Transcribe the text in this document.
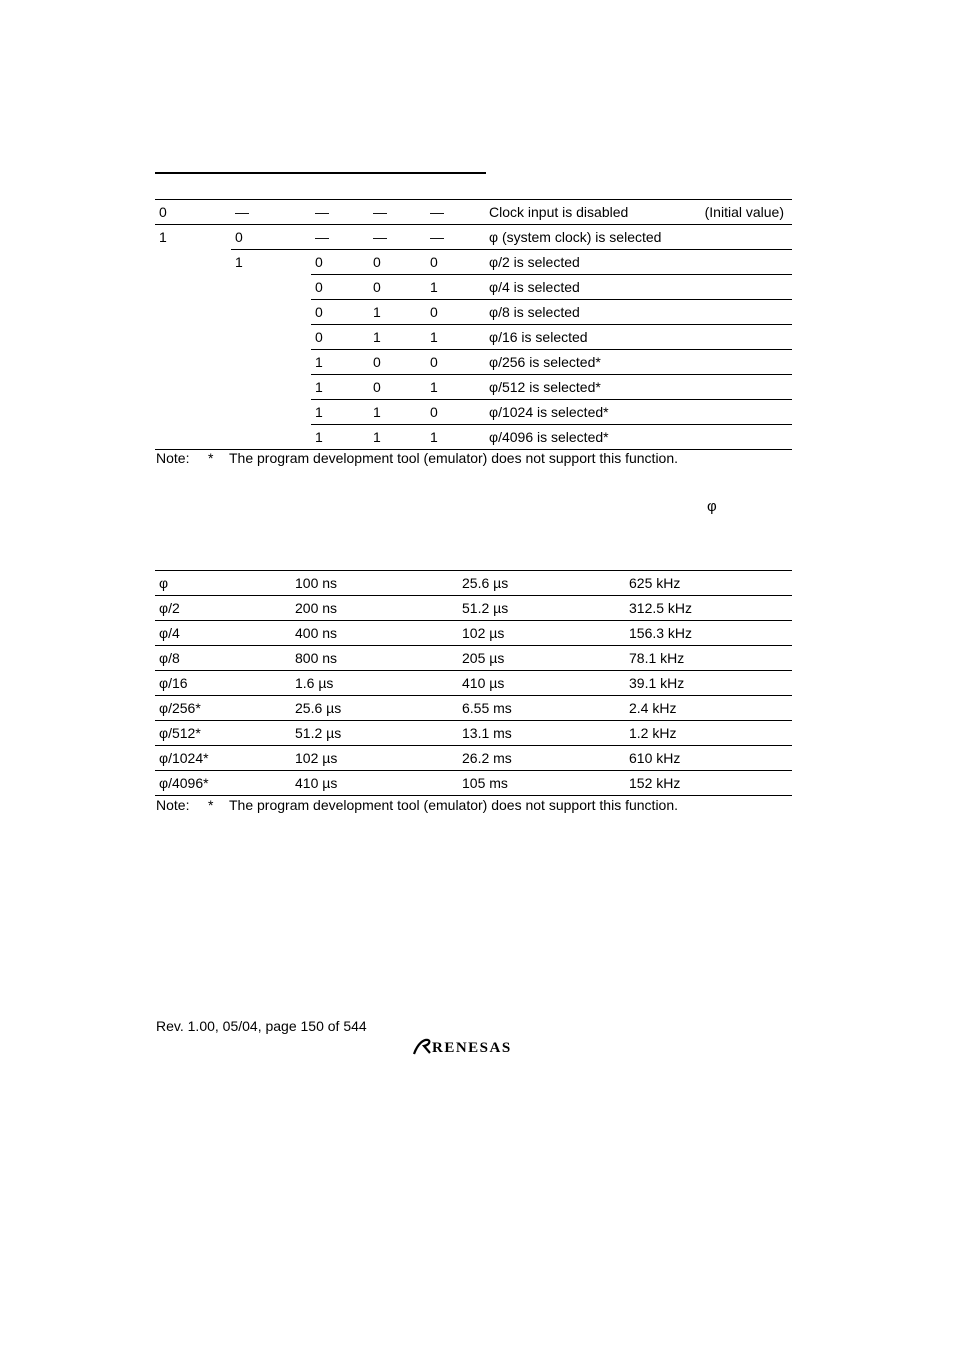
0	—	—	—	—	Clock input is disabled (Initial value)

1	0	—	—	—	φ (system clock) is selected
	1	0	0	0	φ/2 is selected
		0	0	1	φ/4 is selected
		0	1	0	φ/8 is selected
		0	1	1	φ/16 is selected
		1	0	0	φ/256 is selected*
		1	0	1	φ/512 is selected*
		1	1	0	φ/1024 is selected*
		1	1	1	φ/4096 is selected*
Note: * The program development tool (emulator) does not support this function.
φ
φ	100 ns	25.6 µs	625 kHz
φ/2	200 ns	51.2 µs	312.5 kHz
φ/4	400 ns	102 µs	156.3 kHz
φ/8	800 ns	205 µs	78.1 kHz
φ/16	1.6 µs	410 µs	39.1 kHz
φ/256*	25.6 µs	6.55 ms	2.4 kHz
φ/512*	51.2 µs	13.1 ms	1.2 kHz
φ/1024*	102 µs	26.2 ms	610 kHz
φ/4096*	410 µs	105 ms	152 kHz
Note: * The program development tool (emulator) does not support this function.
Rev. 1.00, 05/04, page 150 of 544
RENESAS
